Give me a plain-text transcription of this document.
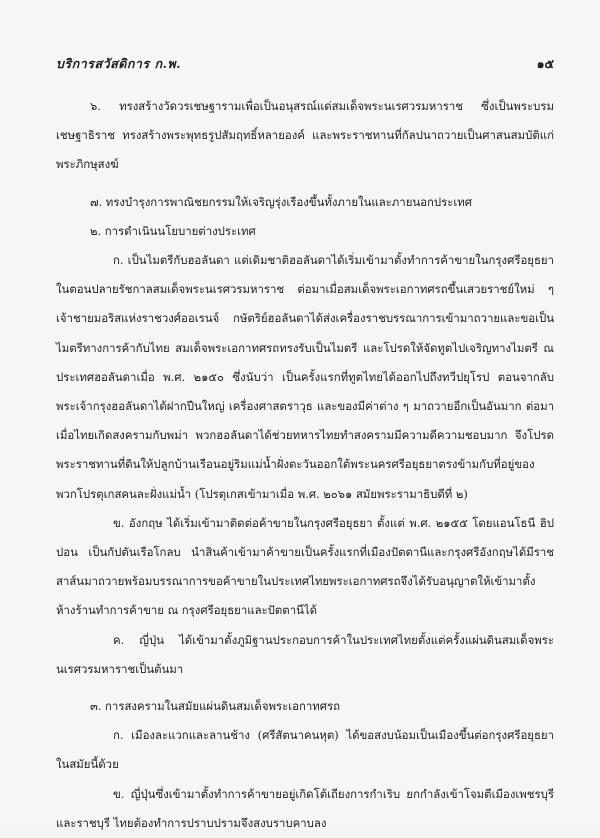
บริการสวัสดิการ ก.พ.	๑๕

๖. ทรงสร้างวัดวรเชษฐารามเพื่อเป็นอนุสรณ์แด่สมเด็จพระนเรศวรมหาราช ซึ่งเป็นพระบรมเชษฐาธิราช ทรงสร้างพระพุทธรูปสัมฤทธิ์หลายองค์ และพระราชทานที่กัลปนาถวายเป็นศาสนสมบัติแก่พระภิกษุสงฆ์

๗. ทรงบำรุงการพาณิชยกรรมให้เจริญรุ่งเรืองขึ้นทั้งภายในและภายนอกประเทศ

๒. การดำเนินนโยบายต่างประเทศ

ก. เป็นไมตรีกับฮอลันดา แต่เดิมชาติฮอลันดาได้เริ่มเข้ามาตั้งทำการค้าขายในกรุงศรีอยุธยาในตอนปลายรัชกาลสมเด็จพระนเรศวรมหาราช ต่อมาเมื่อสมเด็จพระเอกาทศรถขึ้นเสวยราชย์ใหม่ ๆ เจ้าชายมอริสแห่งราชวงศ์ออเรนจ์ กษัตริย์ฮอลันดาได้ส่งเครื่องราชบรรณาการเข้ามาถวายและขอเป็นไมตรีทางการค้ากับไทย สมเด็จพระเอกาทศรถทรงรับเป็นไมตรี และโปรดให้จัดทูตไปเจริญทางไมตรี ณ ประเทศฮอลันดาเมื่อ พ.ศ. ๒๑๕๐ ซึ่งนับว่า เป็นครั้งแรกที่ทูตไทยได้ออกไปถึงทวีปยุโรป ตอนจากลับพระเจ้ากรุงฮอลันดาได้ฝากปืนใหญ่ เครื่องศาสตราวุธ และของมีค่าต่าง ๆ มาถวายอีกเป็นอันมาก ต่อมาเมื่อไทยเกิดสงครามกับพม่า พวกฮอลันดาได้ช่วยทหารไทยทำสงครามมีความดีความชอบมาก จึงโปรดพระราชทานที่ดินให้ปลูกบ้านเรือนอยู่ริมแม่น้ำฝั่งตะวันออกใต้พระนครศรีอยุธยาตรงข้ามกับที่อยู่ของพวกโปรตุเกสคนละฝั่งแม่น้ำ (โปรตุเกสเข้ามาเมื่อ พ.ศ. ๒๐๖๑ สมัยพระรามาธิบดีที่ ๒)

ข. อังกฤษ ได้เริ่มเข้ามาติดต่อค้าขายในกรุงศรีอยุธยา ตั้งแต่ พ.ศ. ๒๑๕๕ โดยแอนโธนี ฮิปปอน เป็นกัปตันเรือโกลบ นำสินค้าเข้ามาค้าขายเป็นครั้งแรกที่เมืองปัตตานีและกรุงศรีอังกฤษได้มีราชสาส์นมาถวายพร้อมบรรณาการขอค้าขายในประเทศไทยพระเอกาทศรถจึงได้รับอนุญาตให้เข้ามาตั้งห้างร้านทำการค้าขาย ณ กรุงศรีอยุธยาและปัตตานีได้

ค. ญี่ปุ่น ได้เข้ามาตั้งภูมิฐานประกอบการค้าในประเทศไทยตั้งแต่ครั้งแผ่นดินสมเด็จพระนเรศวรมหาราชเป็นต้นมา

๓. การสงครามในสมัยแผ่นดินสมเด็จพระเอกาทศรถ

ก. เมืองละแวกและลานช้าง (ศรีสัตนาคนหุต) ได้ขอสงบน้อมเป็นเมืองขึ้นต่อกรุงศรีอยุธยาในสมัยนี้ด้วย

ข. ญี่ปุ่นซึ่งเข้ามาตั้งทำการค้าขายอยู่เกิดโต้เถียงการกำเริบ ยกกำลังเข้าโจมตีเมืองเพชรบุรีและราชบุรี ไทยต้องทำการปราบปรามจึงสงบราบคาบลง
